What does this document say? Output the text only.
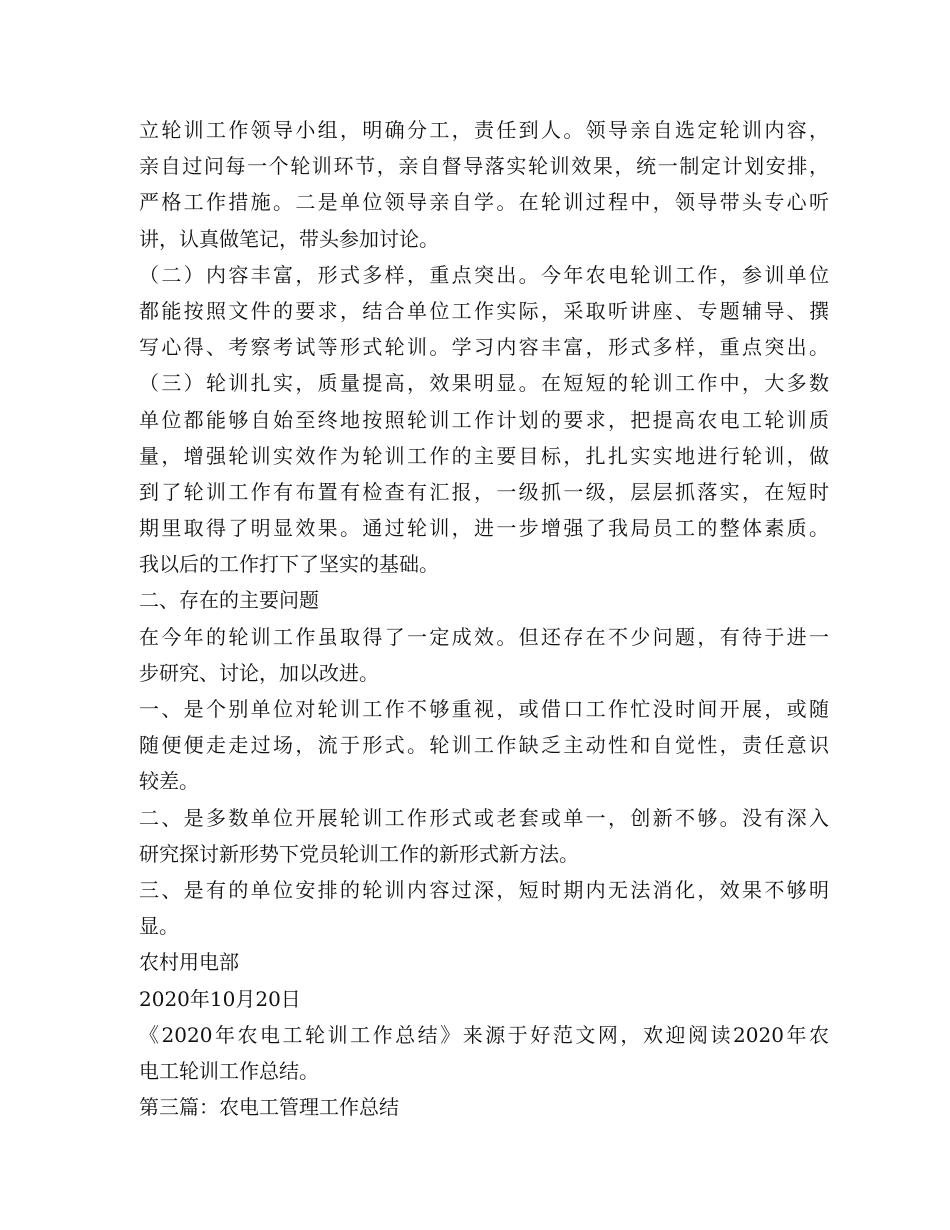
立轮训工作领导小组，明确分工，责任到人。领导亲自选定轮训内容，
亲自过问每一个轮训环节，亲自督导落实轮训效果，统一制定计划安排，
严格工作措施。二是单位领导亲自学。在轮训过程中，领导带头专心听
讲，认真做笔记，带头参加讨论。
（二）内容丰富，形式多样，重点突出。今年农电轮训工作，参训单位
都能按照文件的要求，结合单位工作实际，采取听讲座、专题辅导、撰
写心得、考察考试等形式轮训。学习内容丰富，形式多样，重点突出。
（三）轮训扎实，质量提高，效果明显。在短短的轮训工作中，大多数
单位都能够自始至终地按照轮训工作计划的要求，把提高农电工轮训质
量，增强轮训实效作为轮训工作的主要目标，扎扎实实地进行轮训，做
到了轮训工作有布置有检查有汇报，一级抓一级，层层抓落实，在短时
期里取得了明显效果。通过轮训，进一步增强了我局员工的整体素质。
我以后的工作打下了坚实的基础。
二、存在的主要问题
在今年的轮训工作虽取得了一定成效。但还存在不少问题，有待于进一
步研究、讨论，加以改进。
一、是个别单位对轮训工作不够重视，或借口工作忙没时间开展，或随
随便便走走过场，流于形式。轮训工作缺乏主动性和自觉性，责任意识
较差。
二、是多数单位开展轮训工作形式或老套或单一，创新不够。没有深入
研究探讨新形势下党员轮训工作的新形式新方法。
三、是有的单位安排的轮训内容过深，短时期内无法消化，效果不够明
显。
农村用电部
2020年10月20日
《2020年农电工轮训工作总结》来源于好范文网，欢迎阅读2020年农
电工轮训工作总结。
第三篇：农电工管理工作总结
